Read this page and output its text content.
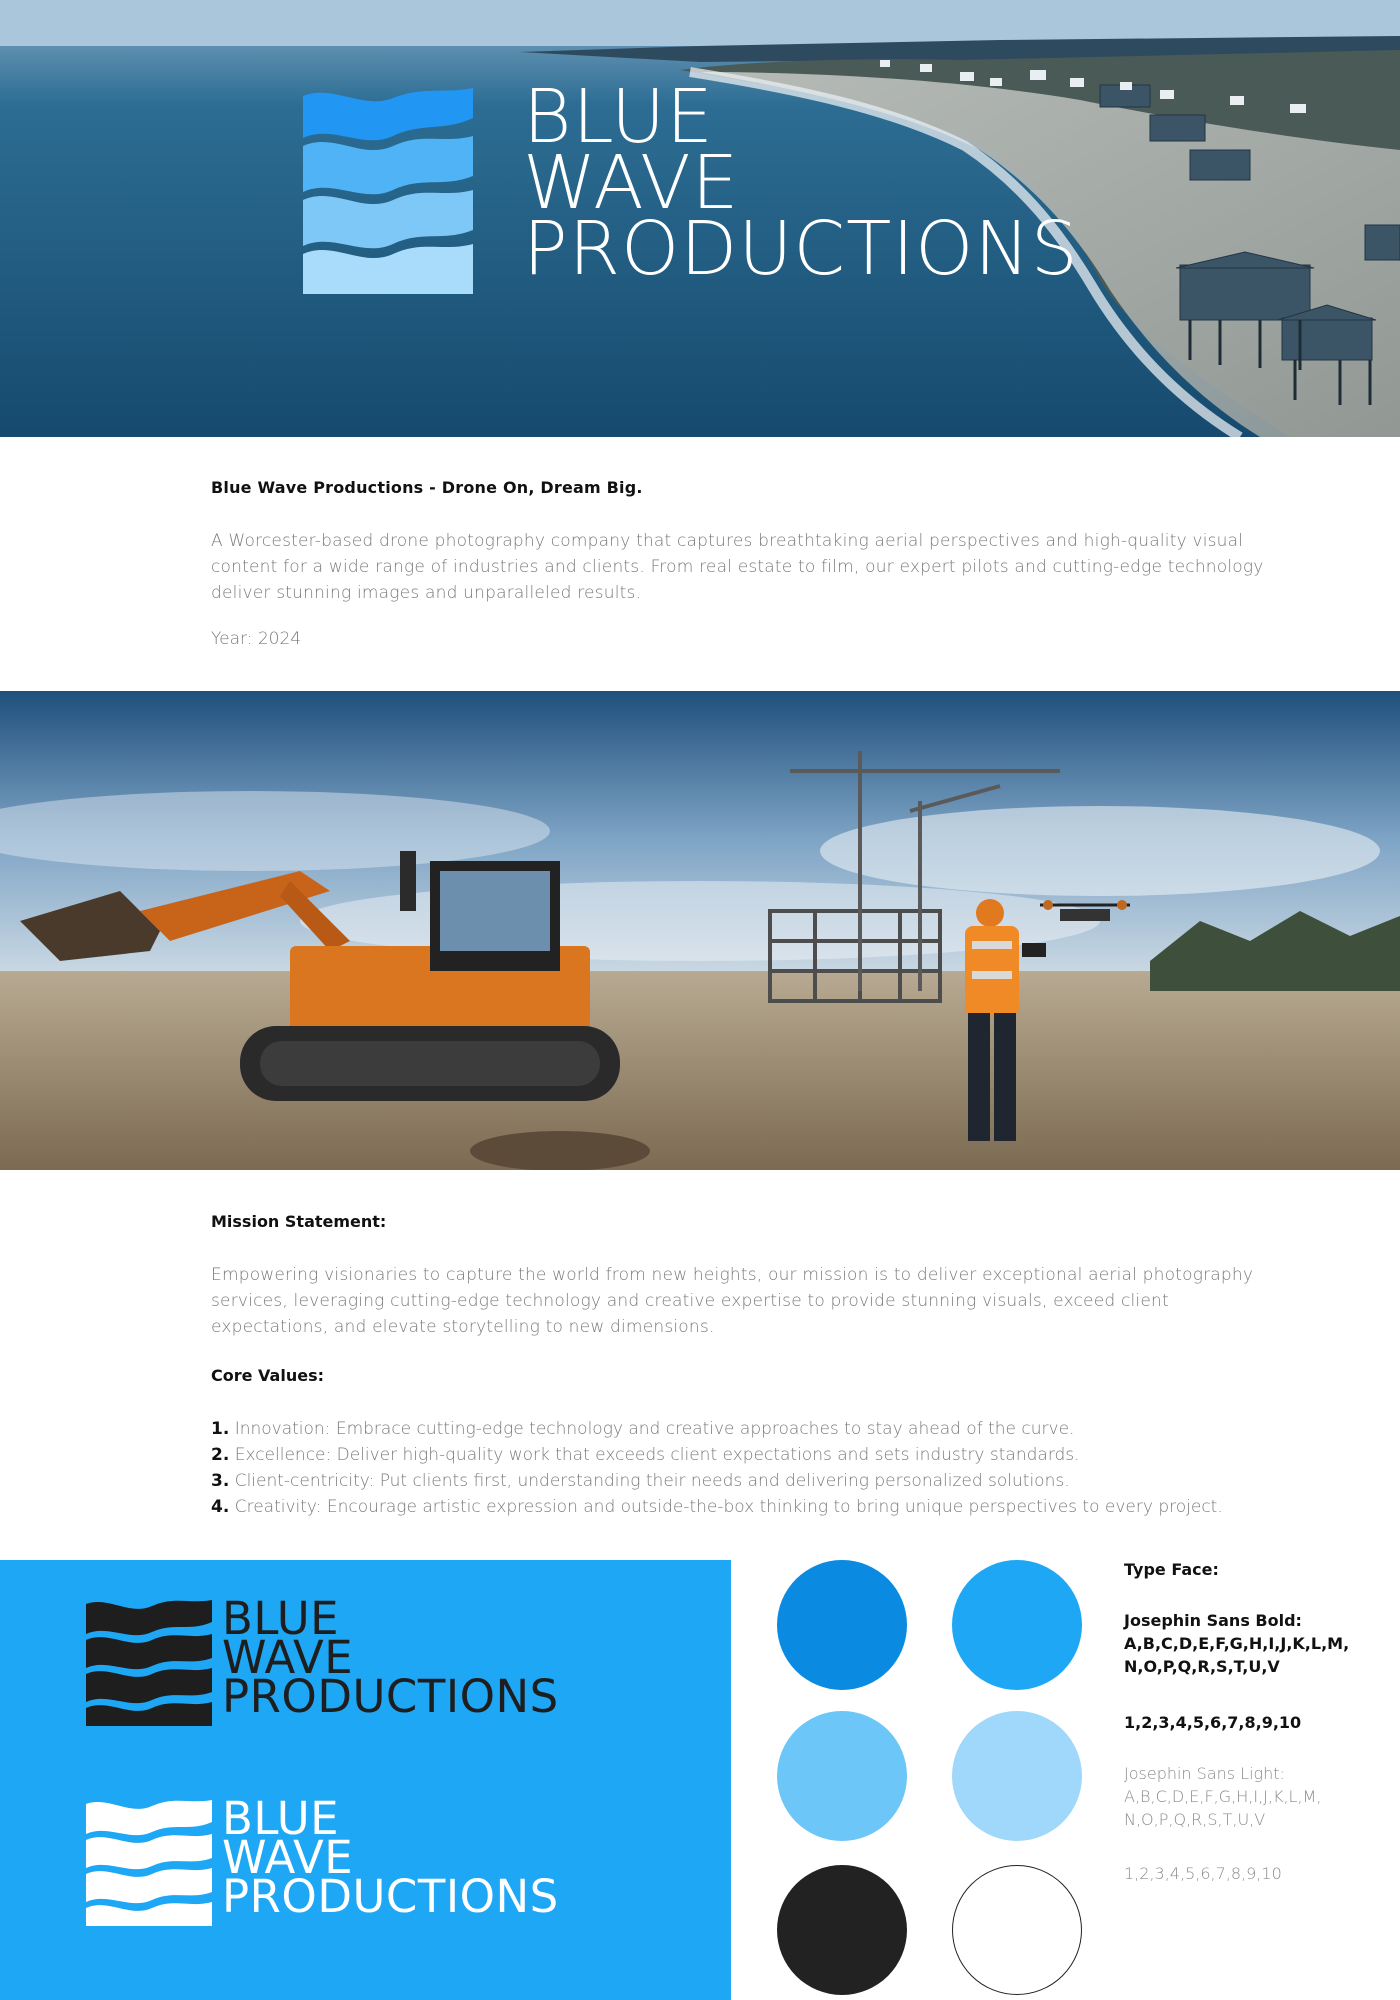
BLUE
WAVE
PRODUCTIONS
Blue Wave Productions - Drone On, Dream Big.
A Worcester-based drone photography company that captures breathtaking aerial perspectives and high-quality visual content for a wide range of industries and clients. From real estate to film, our expert pilots and cutting-edge technology deliver stunning images and unparalleled results.
Year: 2024
Mission Statement:
Empowering visionaries to capture the world from new heights, our mission is to deliver exceptional aerial photography services, leveraging cutting-edge technology and creative expertise to provide stunning visuals, exceed client expectations, and elevate storytelling to new dimensions.
Core Values:
1. Innovation: Embrace cutting-edge technology and creative approaches to stay ahead of the curve.
2. Excellence: Deliver high-quality work that exceeds client expectations and sets industry standards.
3. Client-centricity: Put clients first, understanding their needs and delivering personalized solutions.
4. Creativity: Encourage artistic expression and outside-the-box thinking to bring unique perspectives to every project.
BLUE
WAVE
PRODUCTIONS
BLUE
WAVE
PRODUCTIONS
Type Face:
Josephin Sans Bold:
A,B,C,D,E,F,G,H,I,J,K,L,M, N,O,P,Q,R,S,T,U,V
1,2,3,4,5,6,7,8,9,10
Josephin Sans Light:
A,B,C,D,E,F,G,H,I,J,K,L,M, N,O,P,Q,R,S,T,U,V
1,2,3,4,5,6,7,8,9,10
